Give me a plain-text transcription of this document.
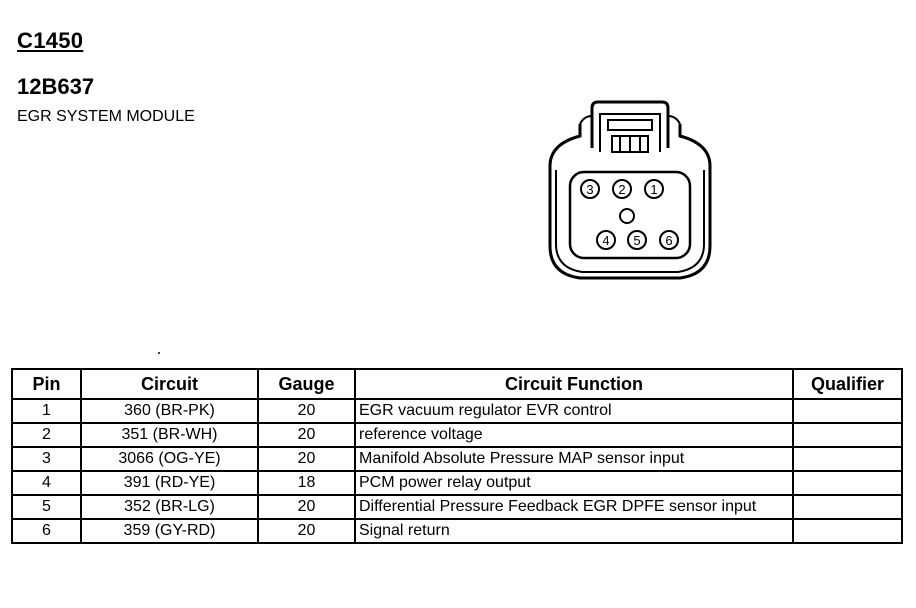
C1450
12B637
EGR SYSTEM MODULE
3 2 1
4 5 6
Pin	Circuit	Gauge	Circuit Function	Qualifier
1	360 (BR-PK)	20	EGR vacuum regulator EVR control	
2	351 (BR-WH)	20	reference voltage	
3	3066 (OG-YE)	20	Manifold Absolute Pressure MAP sensor input	
4	391 (RD-YE)	18	PCM power relay output	
5	352 (BR-LG)	20	Differential Pressure Feedback EGR DPFE sensor input	
6	359 (GY-RD)	20	Signal return	
